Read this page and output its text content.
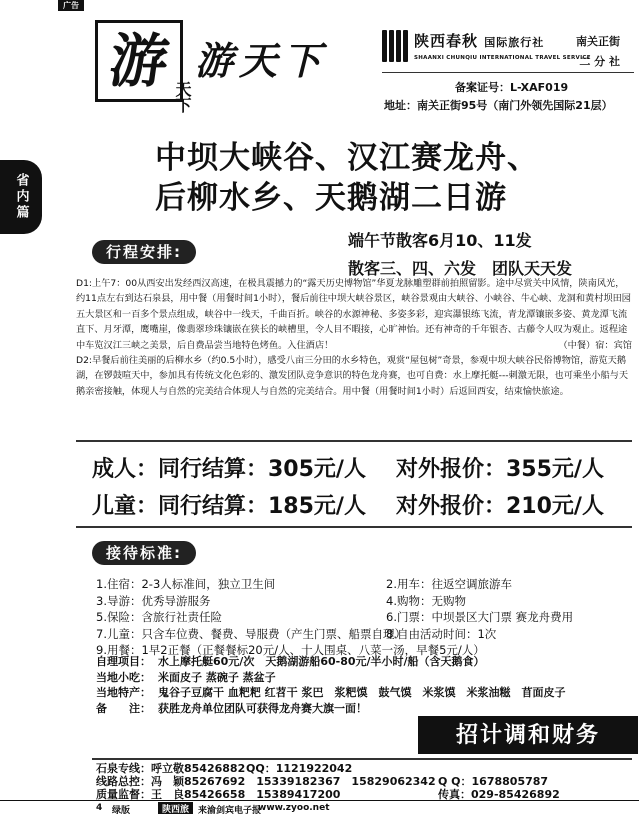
广告
省内篇
游
天下
游天下	陕西春秋 国际旅行社
SHAANXI CHUNQIU INTERNATIONAL TRAVEL SERVICE
南关正街
二 分 社
备案证号：L-XAF019
地址：南关正街95号（南门外领先国际21层）
中坝大峡谷、汉江赛龙舟、
后柳水乡、天鹅湖二日游
行程安排:
端午节散客6月10、11发
散客三、四、六发　团队天天发

D1:上午7：00从西安出发经西汉高速，在极具震撼力的“露天历史博物馆”华夏龙脉雕塑群前拍照留影。途中尽赏关中风情，陕南风光，约11点左右到达石泉县，用中餐（用餐时间1小时），餐后前往中坝大峡谷景区，峡谷景观由大峡谷、小峡谷、牛心峡、龙洞和黄村坝田园五大景区和一百多个景点组成，峡谷中一线天，千曲百折。峡谷的水源神秘、多姿多彩，迎宾瀑银练飞流，青龙潭镶嵌多姿、黄龙潭飞流直下、月牙潭，鹰嘴崖，像翡翠珍珠镶嵌在狭长的峡槽里，令人目不暇接，心旷神怡。还有神奇的千年银杏、古藤令人叹为观止。返程途中车览汉江三峡之美景，后自费品尝当地特色烤鱼。入住酒店！	（中餐）宿：宾馆

D2:早餐后前往美丽的后柳水乡（约0.5小时），感受八亩三分田的水乡特色，观赏“屋包树”奇景，参观中坝大峡谷民俗博物馆，游览天鹅湖，在锣鼓喧天中，参加具有传统文化色彩的、激发团队竞争意识的特色龙舟赛，也可自费：水上摩托艇---刺激无限，也可乘坐小船与天鹅亲密接触，体现人与自然的完美结合体现人与自然的完美结合。用中餐（用餐时间1小时）后返回西安，结束愉快旅途。

成人：同行结算：305元/人 对外报价：355元/人
儿童：同行结算：185元/人 对外报价：210元/人
接待标准:
1.住宿：2-3人标准间，独立卫生间	2.用车：往返空调旅游车
3.导游：优秀导游服务	4.购物：无购物
5.保险：含旅行社责任险	6.门票：中坝景区大门票 赛龙舟费用
7.儿童：只含车位费、餐费、导服费（产生门票、船票自理）
8.自由活动时间：1次
9.用餐：1早2正餐（正餐餐标20元/人、十人围桌、八菜一汤，早餐5元/人）
自理项目： 水上摩托艇60元/次　天鹅湖游船60-80元/半小时/船（含天鹅食）
当地小吃： 米面皮子 蒸碗子 蒸盆子
当地特产： 鬼谷子豆腐干 血粑粑 红苕干 浆巴　浆粑馍　鼓气馍　米浆馍　米浆油糍　苜面皮子
备　　注： 获胜龙舟单位团队可获得龙舟赛大旗一面！
招计调和财务
石泉专线：呼立敬85426882 QQ：1121922042
线路总控：冯　颖85267692　15339182367　15829062342 Q Q：1678805787
质量监督：王　良85426658　15389417200	传真：029-85426892
4 绿版	陕西旅 来渝剑宾电子报
www.zyoo.net
